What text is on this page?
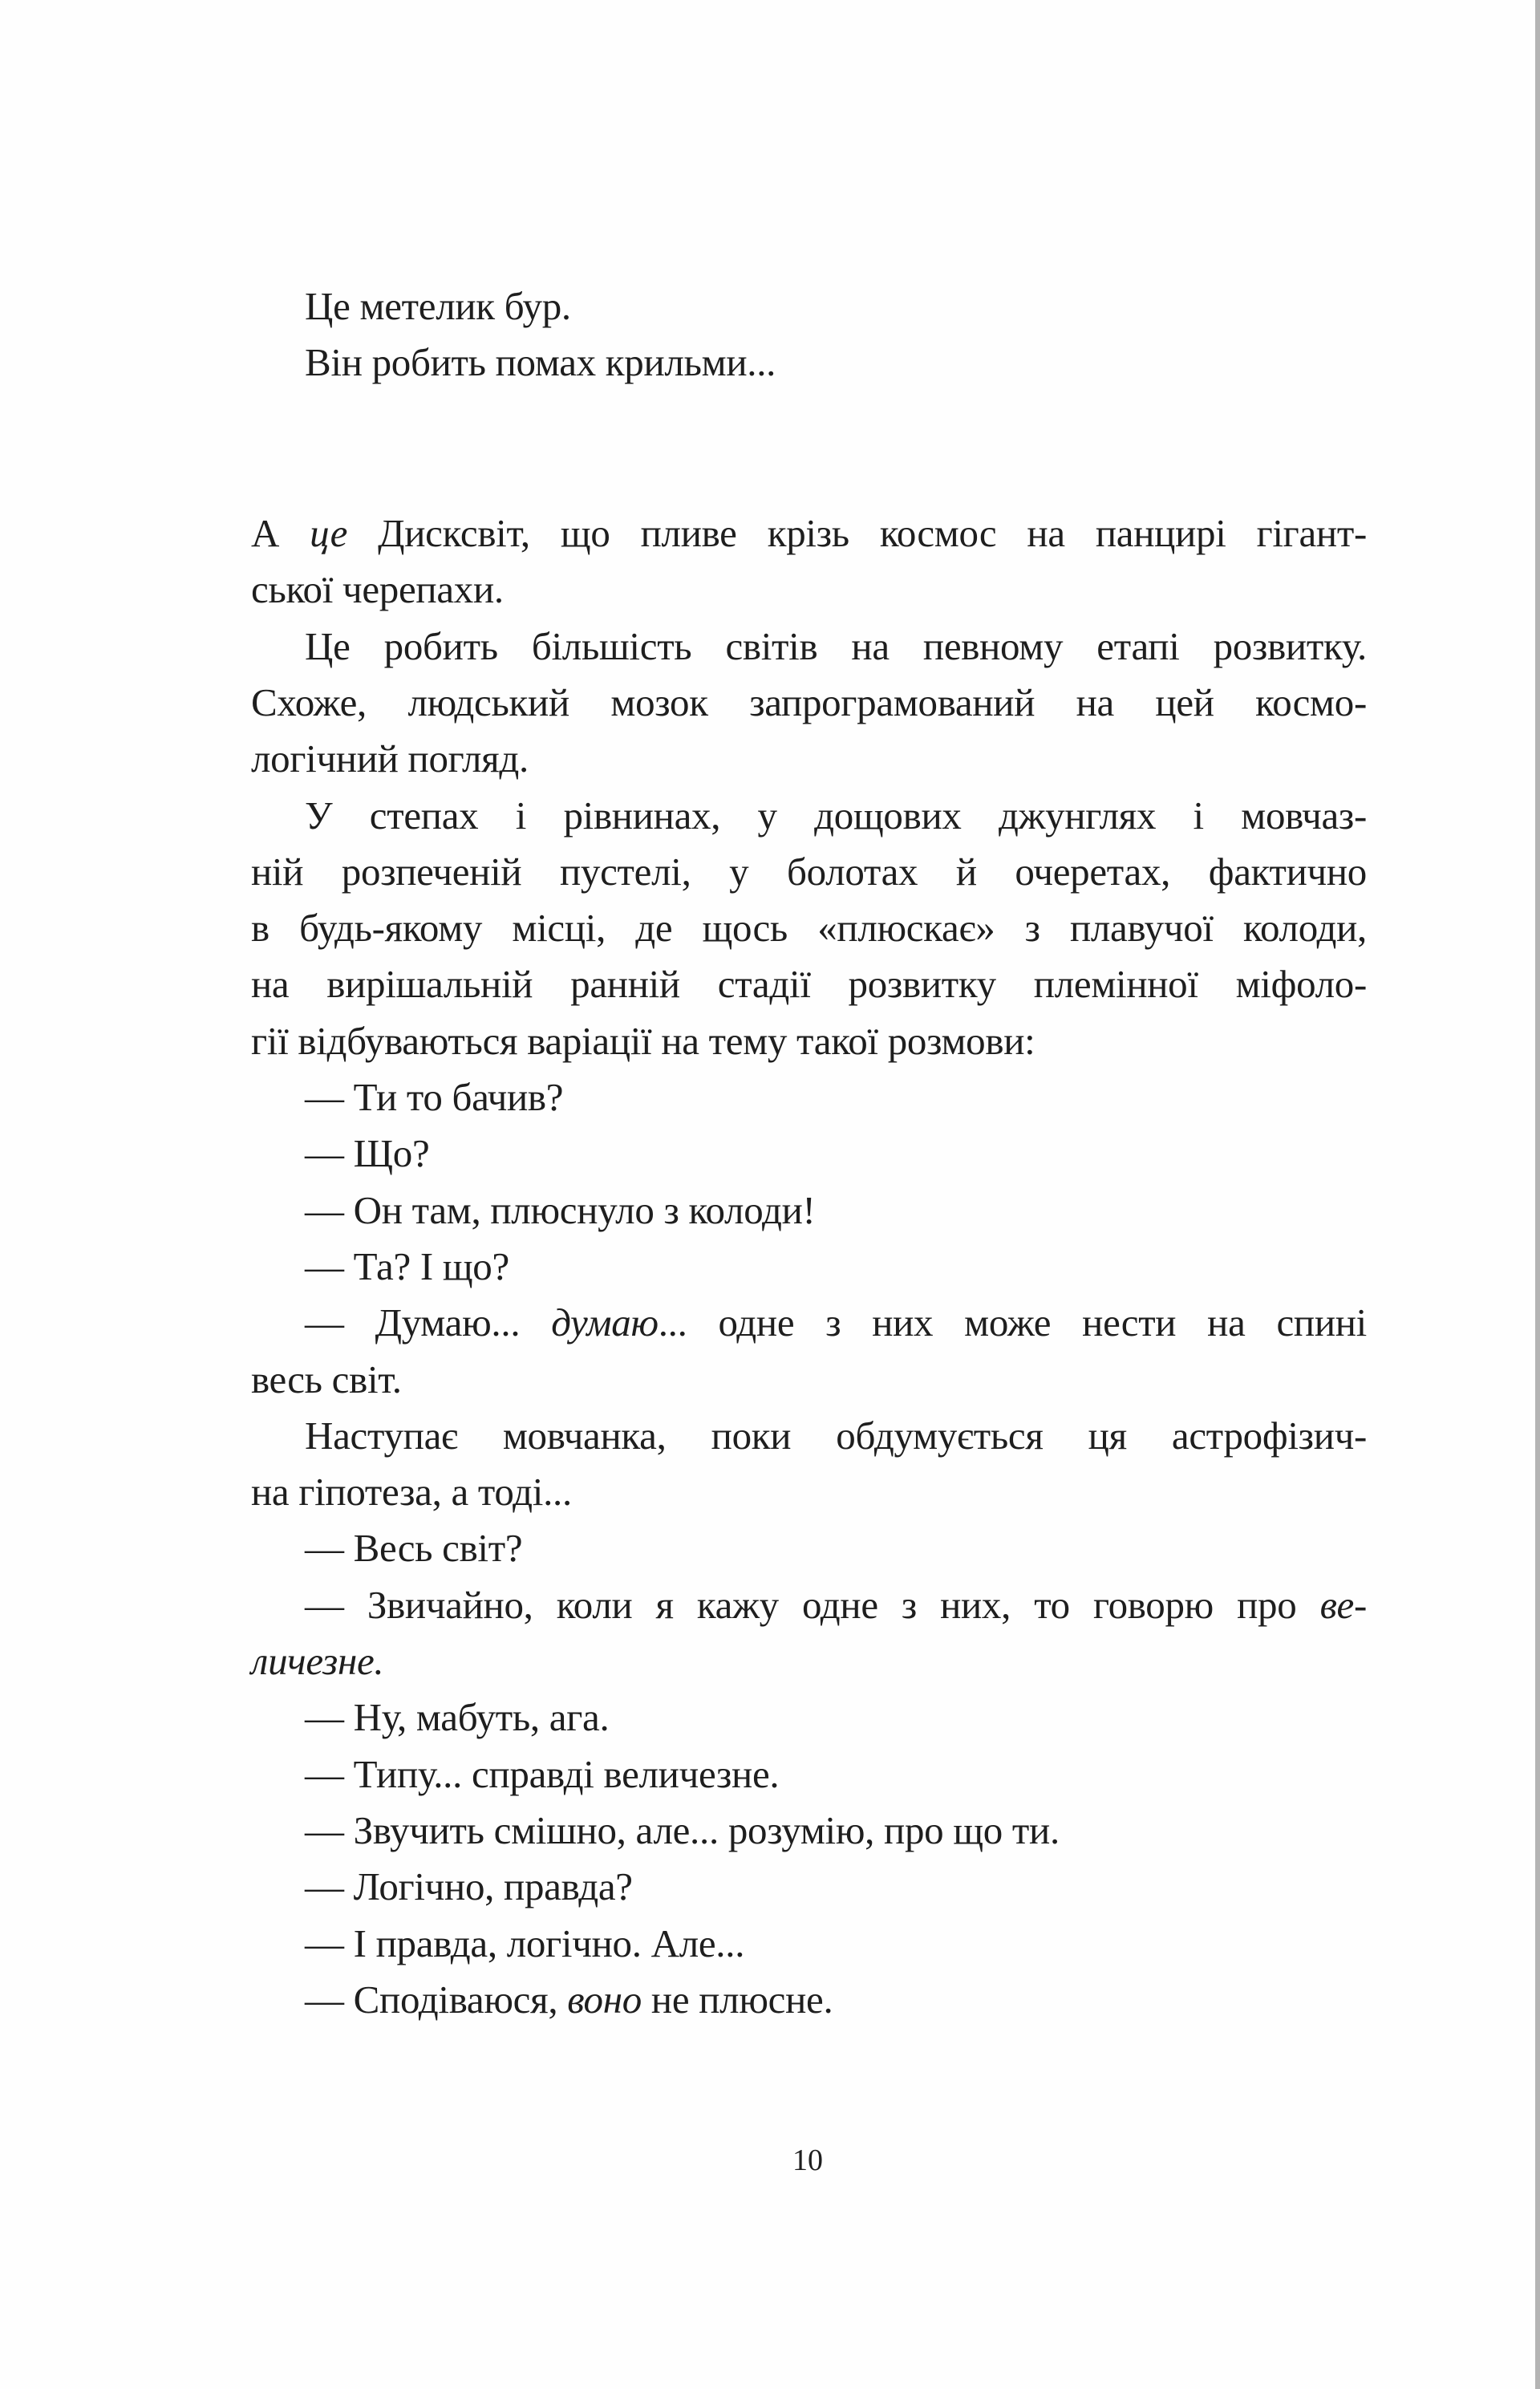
Це метелик бур.
Він робить помах крильми...
А це Дисксвіт, що пливе крізь космос на панцирі гігант-
ської черепахи.
Це робить більшість світів на певному етапі розвитку.
Схоже, людський мозок запрограмований на цей космо-
логічний погляд.
У степах і рівнинах, у дощових джунглях і мовчаз-
ній розпеченій пустелі, у болотах й очеретах, фактично
в будь-якому місці, де щось «плюскає» з плавучої колоди,
на вирішальній ранній стадії розвитку племінної міфоло-
гії відбуваються варіації на тему такої розмови:
— Ти то бачив?
— Що?
— Он там, плюснуло з колоди!
— Та? І що?
— Думаю... думаю... одне з них може нести на спині
весь світ.
Наступає мовчанка, поки обдумується ця астрофізич-
на гіпотеза, а тоді...
— Весь світ?
— Звичайно, коли я кажу одне з них, то говорю про ве-
личезне.
— Ну, мабуть, ага.
— Типу... справді величезне.
— Звучить смішно, але... розумію, про що ти.
— Логічно, правда?
— І правда, логічно. Але...
— Сподіваюся, воно не плюсне.
10
